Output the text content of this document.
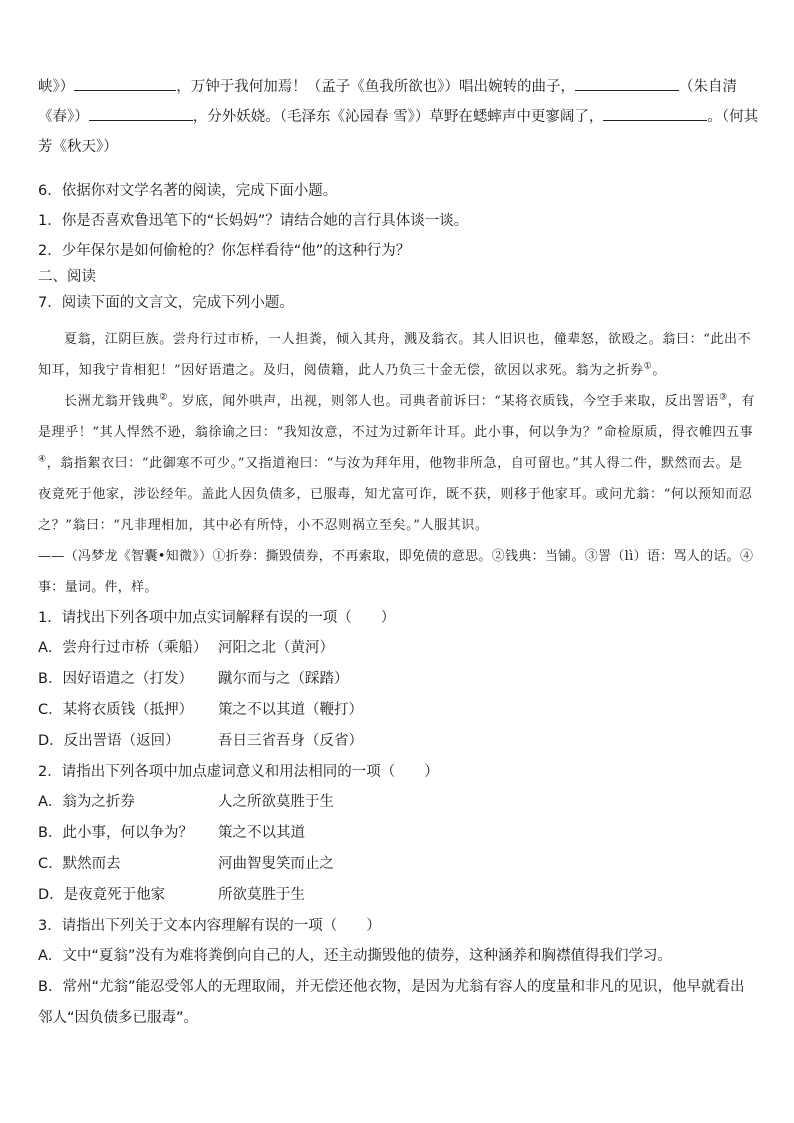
峡》）	，万钟于我何加焉！（孟子《鱼我所欲也》）唱出婉转的曲子，	（朱自清
《春》）	，分外妖娆。（毛泽东《沁园春 雪》）草野在蟋蟀声中更寥阔了，	。（何其
芳《秋天》）
6．依据你对文学名著的阅读，完成下面小题。
1．你是否喜欢鲁迅笔下的“长妈妈”？请结合她的言行具体谈一谈。
2．少年保尔是如何偷枪的？你怎样看待“他”的这种行为？
二、阅读
7．阅读下面的文言文，完成下列小题。

夏翁，江阴巨族。尝舟行过市桥，一人担粪，倾入其舟，溅及翁衣。其人旧识也，僮辈怒，欲殴之。翁曰：“此出不知耳，知我宁肯相犯！”因好语遣之。及归，阅债籍，此人乃负三十金无偿，欲因以求死。翁为之折券①。

长洲尤翁开钱典②。岁底，闻外哄声，出视，则邻人也。司典者前诉曰：“某将衣质钱，今空手来取，反出詈语③，有是理乎！”其人悍然不逊，翁徐谕之曰：“我知汝意，不过为过新年计耳。此小事，何以争为？”命检原质，得衣帷四五事④，翁指絮衣曰：“此御寒不可少。”又指道袍曰：“与汝为拜年用，他物非所急，自可留也。”其人得二件，默然而去。是夜竟死于他家，涉讼经年。盖此人因负债多，已服毒，知尤富可诈，既不获，则移于他家耳。或问尤翁：“何以预知而忍之？”翁曰：“凡非理相加，其中必有所恃，小不忍则祸立至矣。”人服其识。

——（冯梦龙《智囊•知微》）①折券：撕毁债券，不再索取，即免债的意思。②钱典：当铺。③詈（lì）语：骂人的话。④事：量词。件，样。

1．请找出下列各项中加点实词解释有误的一项（　　）
A．尝舟行过市桥（乘船） 河阳之北（黄河）
B．因好语遣之（打发）	蹴尔而与之（踩踏）
C．某将衣质钱（抵押）	策之不以其道（鞭打）
D．反出詈语（返回）	吾日三省吾身（反省）
2．请指出下列各项中加点虚词意义和用法相同的一项（　　）
A．翁为之折券	人之所欲莫胜于生
B．此小事，何以争为？	策之不以其道
C．默然而去	河曲智叟笑而止之
D．是夜竟死于他家	所欲莫胜于生
3．请指出下列关于文本内容理解有误的一项（　　）
A．文中“夏翁”没有为难将粪倒向自己的人，还主动撕毁他的债券，这种涵养和胸襟值得我们学习。
B．常州“尤翁”能忍受邻人的无理取闹，并无偿还他衣物，是因为尤翁有容人的度量和非凡的见识，他早就看出邻人“因负债多已服毒”。
